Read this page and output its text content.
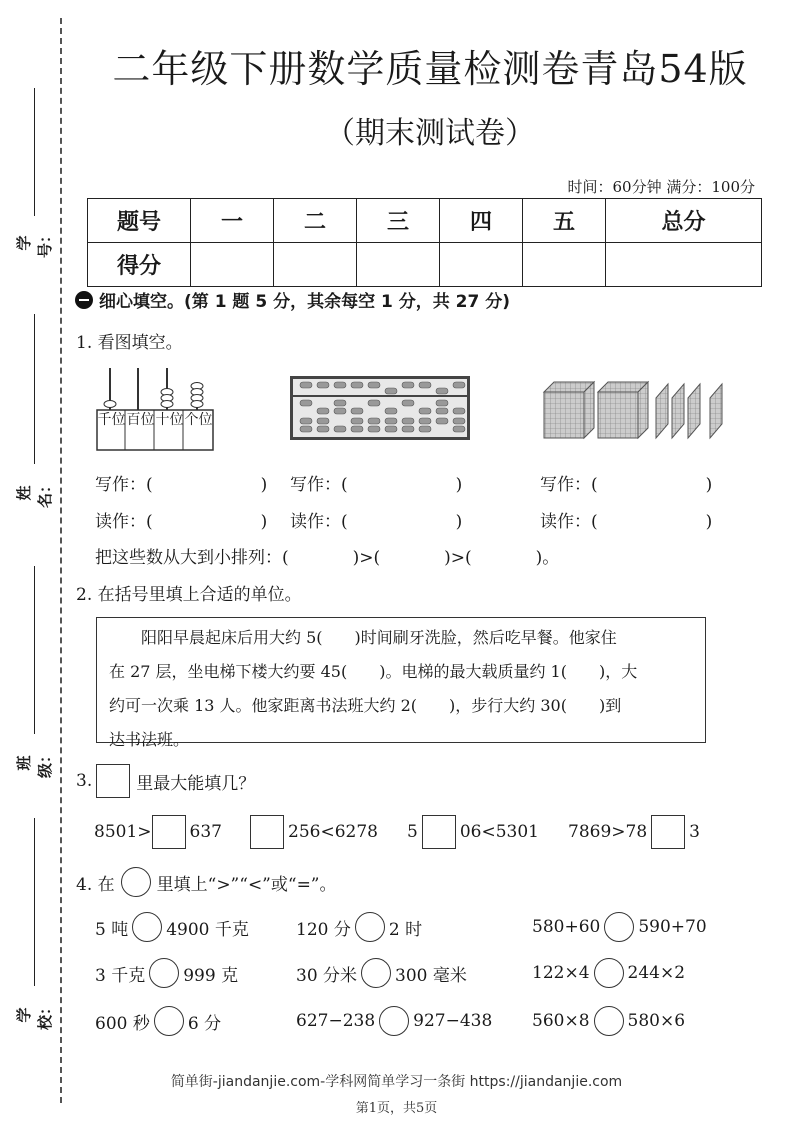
学号：
姓名：
班级：
学校：
二年级下册数学质量检测卷青岛54版
（期末测试卷）
时间：60分钟 满分：100分
题号	一	二	三	四	五	总分
得分						
细心填空。(第 1 题 5 分，其余每空 1 分，共 27 分)
1. 看图填空。
千位 百位 十位 个位
写作：(	) 写作：(	)	写作：(	)
读作：(	) 读作：(	)	读作：(	)
把这些数从大到小排列：(	)>(	)>(	)。
2. 在括号里填上合适的单位。

　　阳阳早晨起床后用大约 5(　　)时间刷牙洗脸，然后吃早餐。他家住

在 27 层，坐电梯下楼大约要 45(　　)。电梯的最大载质量约 1(　　)，大

约可一次乘 13 人。他家距离书法班大约 2(　　)，步行大约 30(　　)到

达书法班。

3.	里最大能填几？
8501> 637	256<6278 5 06<5301 7869>78 3
4. 在 里填上“>”“<”或“=”。
5 吨 4900 千克	120 分 2 时	580+60 590+70
3 千克 999 克	30 分米 300 毫米	122×4 244×2
600 秒 6 分	627−238 927−438 560×8 580×6
简单街-jiandanjie.com-学科网简单学习一条街 https://jiandanjie.com
第1页，共5页
